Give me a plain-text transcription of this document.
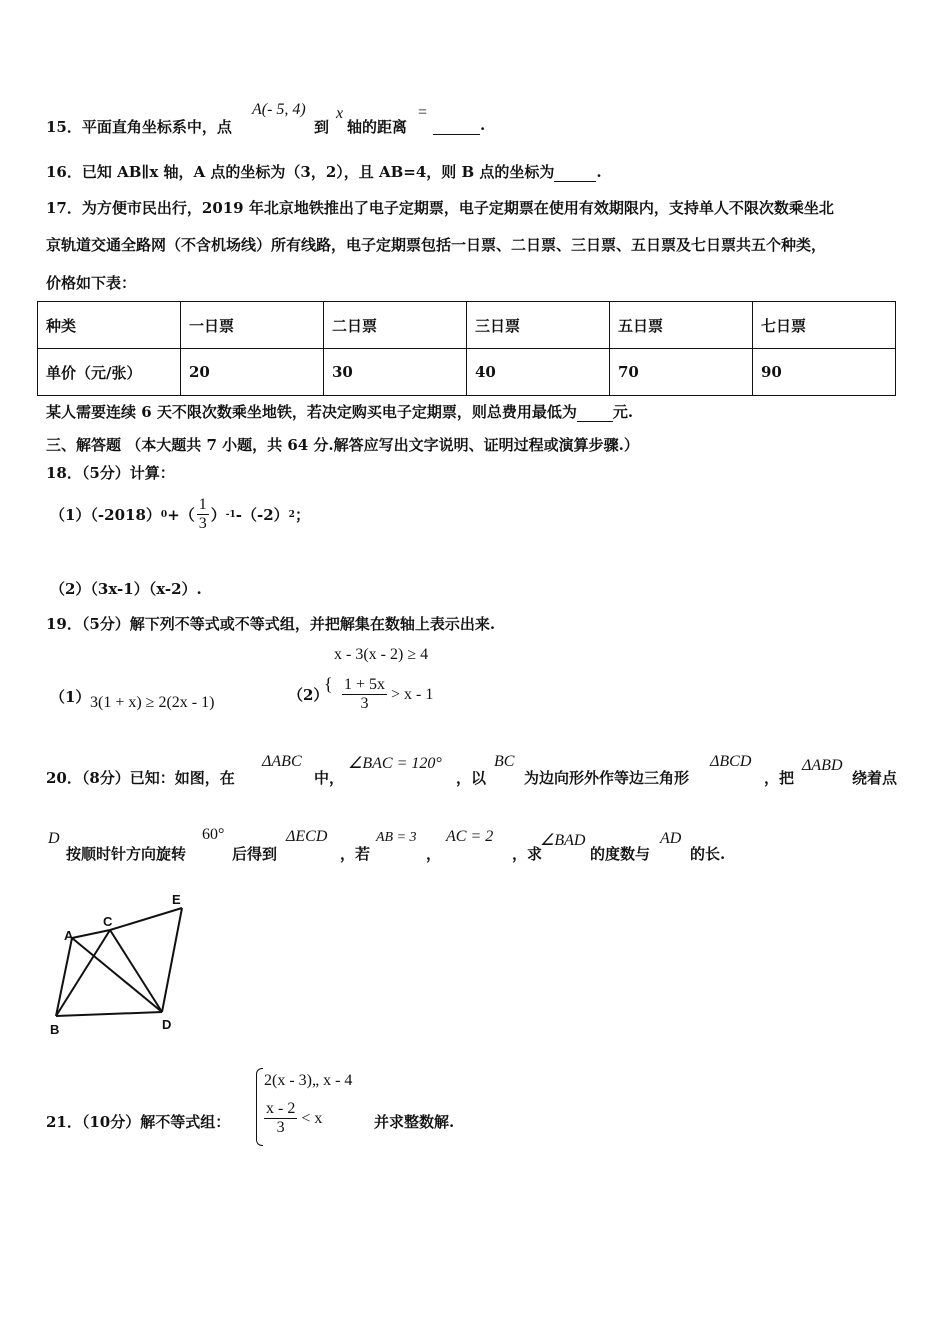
15．平面直角坐标系中，点
A(- 5, 4)
到
x
轴的距离
=
.
16．已知 AB∥x 轴，A 点的坐标为（3，2），且 AB=4，则 B 点的坐标为	.
17．为方便市民出行，2019 年北京地铁推出了电子定期票，电子定期票在使用有效期限内，支持单人不限次数乘坐北
京轨道交通全路网（不含机场线）所有线路，电子定期票包括一日票、二日票、三日票、五日票及七日票共五个种类，
价格如下表：
种类	一日票	二日票	三日票	五日票	七日票
单价（元/张）	20	30	40	70	90
某人需要连续 6 天不限次数乘坐地铁，若决定购买电子定期票，则总费用最低为 元.
三、解答题 （本大题共 7 小题，共 64 分.解答应写出文字说明、证明过程或演算步骤.）
18．（5分）计算：
（1）（-2018） 0 +（ $\frac{1}{3}$ ） -1 -（-2） 2 ；
（2）（3x-1）（x-2）.
19．（5分）解下列不等式或不等式组，并把解集在数轴上表示出来.
（1） 3(1 + x) ≥ 2(2x - 1)	（2）
{
x - 3(x - 2) ≥ 4
$\frac{1 + 5x}{3} > x - 1$
20．（8分）已知：如图，在
ΔABC
中，
∠BAC = 120°
，以
BC
为边向形外作等边三角形
ΔBCD
，把
ΔABD
绕着点
D
按顺时针方向旋转
60°
后得到
ΔECD
，若
AB = 3
，
AC = 2
，求
∠BAD
的度数与
AD
的长.
A
C
E
B	D
21．（10分）解不等式组：
2(x - 3)„ x - 4
$\frac{x - 2}{3} < x$	并求整数解.
